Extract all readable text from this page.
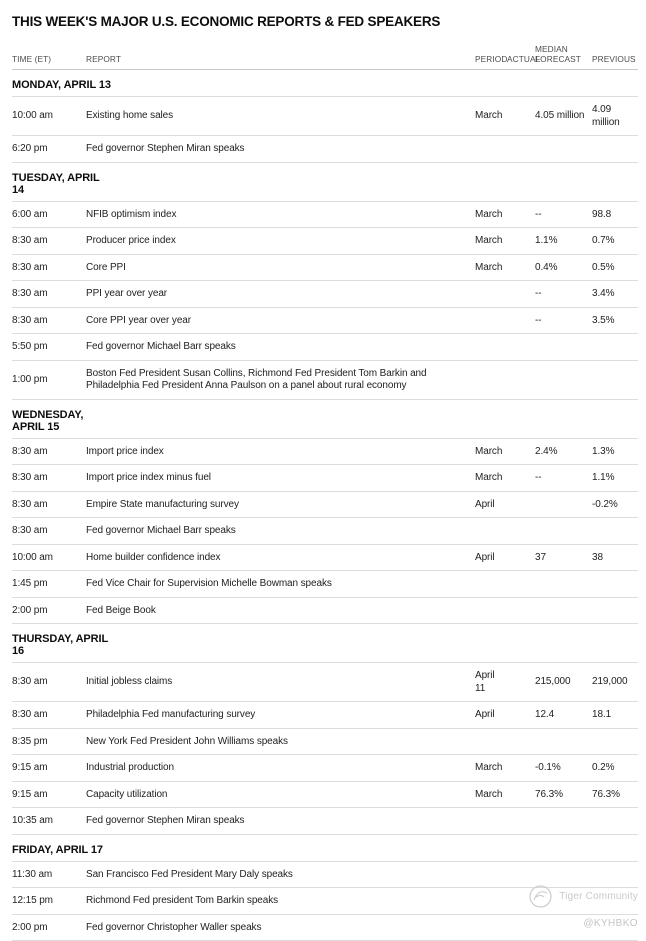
THIS WEEK'S MAJOR U.S. ECONOMIC REPORTS & FED SPEAKERS
TIME (ET)	REPORT	PERIOD	ACTUAL	MEDIAN FORECAST	PREVIOUS

MONDAY, APRIL 13					

10:00 am	Existing home sales	March		4.05 million	4.09 million
6:20 pm	Fed governor Stephen Miran speaks				

TUESDAY, APRIL 14					

6:00 am	NFIB optimism index	March		--	98.8
8:30 am	Producer price index	March		1.1%	0.7%
8:30 am	Core PPI	March		0.4%	0.5%
8:30 am	PPI year over year			--	3.4%
8:30 am	Core PPI year over year			--	3.5%
5:50 pm	Fed governor Michael Barr speaks				
1:00 pm	Boston Fed President Susan Collins, Richmond Fed President Tom Barkin and Philadelphia Fed President Anna Paulson on a panel about rural economy				

WEDNESDAY, APRIL 15					

8:30 am	Import price index	March		2.4%	1.3%
8:30 am	Import price index minus fuel	March		--	1.1%
8:30 am	Empire State manufacturing survey	April			-0.2%
8:30 am	Fed governor Michael Barr speaks				
10:00 am	Home builder confidence index	April		37	38
1:45 pm	Fed Vice Chair for Supervision Michelle Bowman speaks				
2:00 pm	Fed Beige Book				

THURSDAY, APRIL 16					

8:30 am	Initial jobless claims	April 11		215,000	219,000
8:30 am	Philadelphia Fed manufacturing survey	April		12.4	18.1
8:35 pm	New York Fed President John Williams speaks				
9:15 am	Industrial production	March		-0.1%	0.2%
9:15 am	Capacity utilization	March		76.3%	76.3%
10:35 am	Fed governor Stephen Miran speaks				

FRIDAY, APRIL 17					

11:30 am	San Francisco Fed President Mary Daly speaks				
12:15 pm	Richmond Fed president Tom Barkin speaks				
2:00 pm	Fed governor Christopher Waller speaks				
Tiger Community
@KYHBKO
